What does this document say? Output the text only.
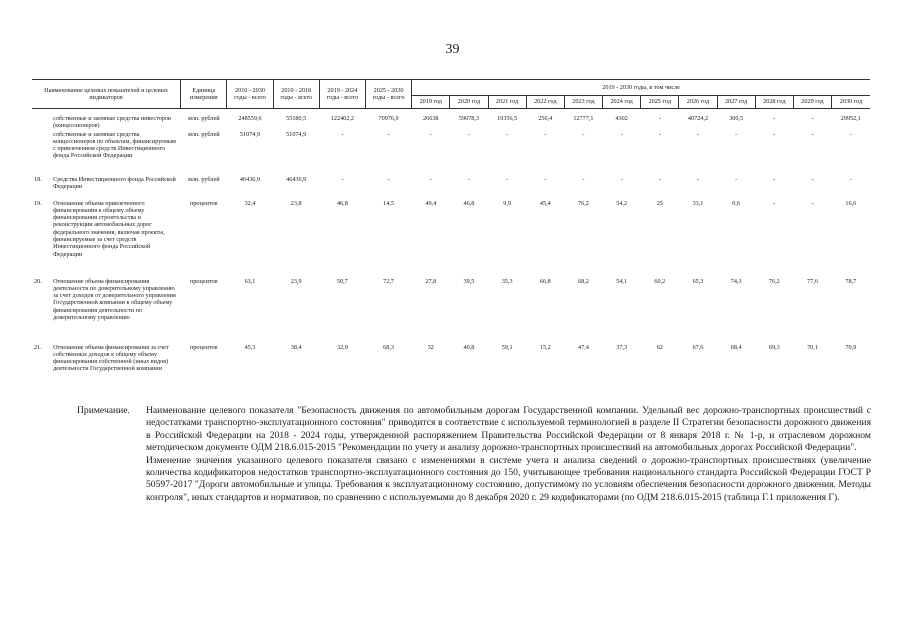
39
Наименование целевых показателей и целевых индикаторов		Единица измерения	2010 - 2030 годы - всего	2010 - 2018 годы - всего	2019 - 2024 годы - всего	2025 - 2030 годы - всего	2019 - 2030 годы, в том числе											
							2019 год	2020 год	2021 год	2022 год	2023 год	2024 год	2025 год	2026 год	2027 год	2028 год	2029 год	2030 год
	собственные и заемные средства инвесторов (концессионеров)	млн. рублей	248559,6	55180,5	122402,2	70976,9	26638	59078,3	19356,5	250,4	12777,1	4302	-	40724,2	300,5	-	-	29952,1
	собственные и заемные средства концессионеров по объектам, финансируемым с привлечением средств Инвестиционного фонда Российской Федерации	млн. рублей	51074,9	51074,9	-	-	-	-	-	-	-	-	-	-	-	-	-	-
18.	Средства Инвестиционного фонда Российской Федерации	млн. рублей	46436,9	46436,9	-	-	-	-	-	-	-	-	-	-	-	-	-	-
19.	Отношение объема привлеченного финансирования к общему объему финансирования строительства и реконструкции автомобильных дорог федерального значения, включая проекты, финансируемые за счет средств Инвестиционного фонда Российской Федерации	процентов	32,4	23,8	46,8	14,5	49,4	46,8	9,9	45,4	76,2	54,2	25	33,1	0,6	-	-	16,6
20.	Отношение объема финансирования деятельности по доверительному управлению за счет доходов от доверительного управления Государственной компании к общему объему финансирования деятельности по доверительному управлению	процентов	63,1	23,9	50,7	72,7	27,8	39,5	35,3	66,8	68,2	54,1	60,2	65,3	74,3	76,2	77,6	78,7
21.	Отношение объема финансирования за счет собственных доходов к общему объему финансирования собственной (иных видов) деятельности Государственной компании	процентов	45,3	38,4	32,9	68,3	32	40,8	59,1	15,2	47,4	37,3	62	67,6	68,4	69,3	70,1	70,9
Примечание. Наименование целевого показателя "Безопасность движения по автомобильным дорогам Государственной компании. Удельный вес дорожно-транспортных происшествий с недостатками транспортно-эксплуатационного состояния" приводится в соответствие с используемой терминологией в разделе II Стратегии безопасности дорожного движения в Российской Федерации на 2018 - 2024 годы, утвержденной распоряжением Правительства Российской Федерации от 8 января 2018 г. № 1-р, и отраслевом дорожном методическом документе ОДМ 218.6.015-2015 "Рекомендации по учету и анализу дорожно-транспортных происшествий на автомобильных дорогах Российской Федерации".
Изменение значения указанного целевого показателя связано с изменениями в системе учета и анализа сведений о дорожно-транспортных происшествиях (увеличение количества кодификаторов недостатков транспортно-эксплуатационного состояния до 150, учитывающее требования национального стандарта Российской Федерации ГОСТ Р 50597-2017 "Дороги автомобильные и улицы. Требования к эксплуатационному состоянию, допустимому по условиям обеспечения безопасности дорожного движения. Методы контроля", иных стандартов и нормативов, по сравнению с используемыми до 8 декабря 2020 г. 29 кодификаторами (по ОДМ 218.6.015-2015 (таблица Г.1 приложения Г).
